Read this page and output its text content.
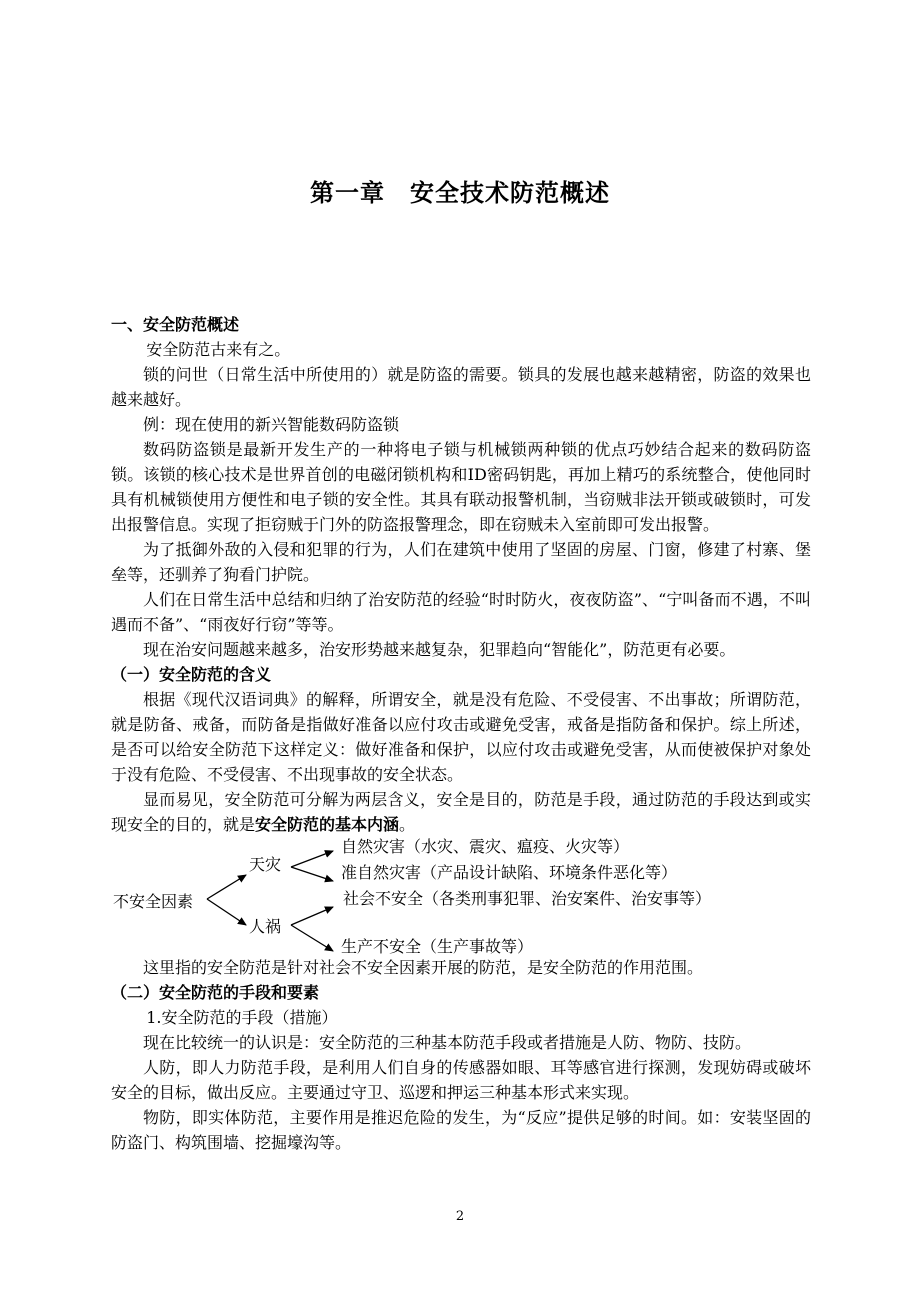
第一章　安全技术防范概述

一、安全防范概述

安全防范古来有之。

锁的问世（日常生活中所使用的）就是防盗的需要。锁具的发展也越来越精密，防盗的效果也越来越好。

例：现在使用的新兴智能数码防盗锁

数码防盗锁是最新开发生产的一种将电子锁与机械锁两种锁的优点巧妙结合起来的数码防盗锁。该锁的核心技术是世界首创的电磁闭锁机构和ID密码钥匙，再加上精巧的系统整合，使他同时具有机械锁使用方便性和电子锁的安全性。其具有联动报警机制，当窃贼非法开锁或破锁时，可发出报警信息。实现了拒窃贼于门外的防盗报警理念，即在窃贼未入室前即可发出报警。

为了抵御外敌的入侵和犯罪的行为，人们在建筑中使用了坚固的房屋、门窗，修建了村寨、堡垒等，还驯养了狗看门护院。

人们在日常生活中总结和归纳了治安防范的经验“时时防火，夜夜防盗”、“宁叫备而不遇，不叫遇而不备”、“雨夜好行窃”等等。

现在治安问题越来越多，治安形势越来越复杂，犯罪趋向“智能化”，防范更有必要。

（一）安全防范的含义

根据《现代汉语词典》的解释，所谓安全，就是没有危险、不受侵害、不出事故；所谓防范，就是防备、戒备，而防备是指做好准备以应付攻击或避免受害，戒备是指防备和保护。综上所述，是否可以给安全防范下这样定义：做好准备和保护，以应付攻击或避免受害，从而使被保护对象处于没有危险、不受侵害、不出现事故的安全状态。

显而易见，安全防范可分解为两层含义，安全是目的，防范是手段，通过防范的手段达到或实现安全的目的，就是安全防范的基本内涵。

不安全因素
天灾
人祸
自然灾害（水灾、震灾、瘟疫、火灾等）
准自然灾害（产品设计缺陷、环境条件恶化等）
社会不安全（各类刑事犯罪、治安案件、治安事等）
生产不安全（生产事故等）

这里指的安全防范是针对社会不安全因素开展的防范，是安全防范的作用范围。

（二）安全防范的手段和要素

1.安全防范的手段（措施）

现在比较统一的认识是：安全防范的三种基本防范手段或者措施是人防、物防、技防。

人防，即人力防范手段，是利用人们自身的传感器如眼、耳等感官进行探测，发现妨碍或破坏安全的目标，做出反应。主要通过守卫、巡逻和押运三种基本形式来实现。

物防，即实体防范，主要作用是推迟危险的发生，为“反应”提供足够的时间。如：安装坚固的防盗门、构筑围墙、挖掘壕沟等。

2
